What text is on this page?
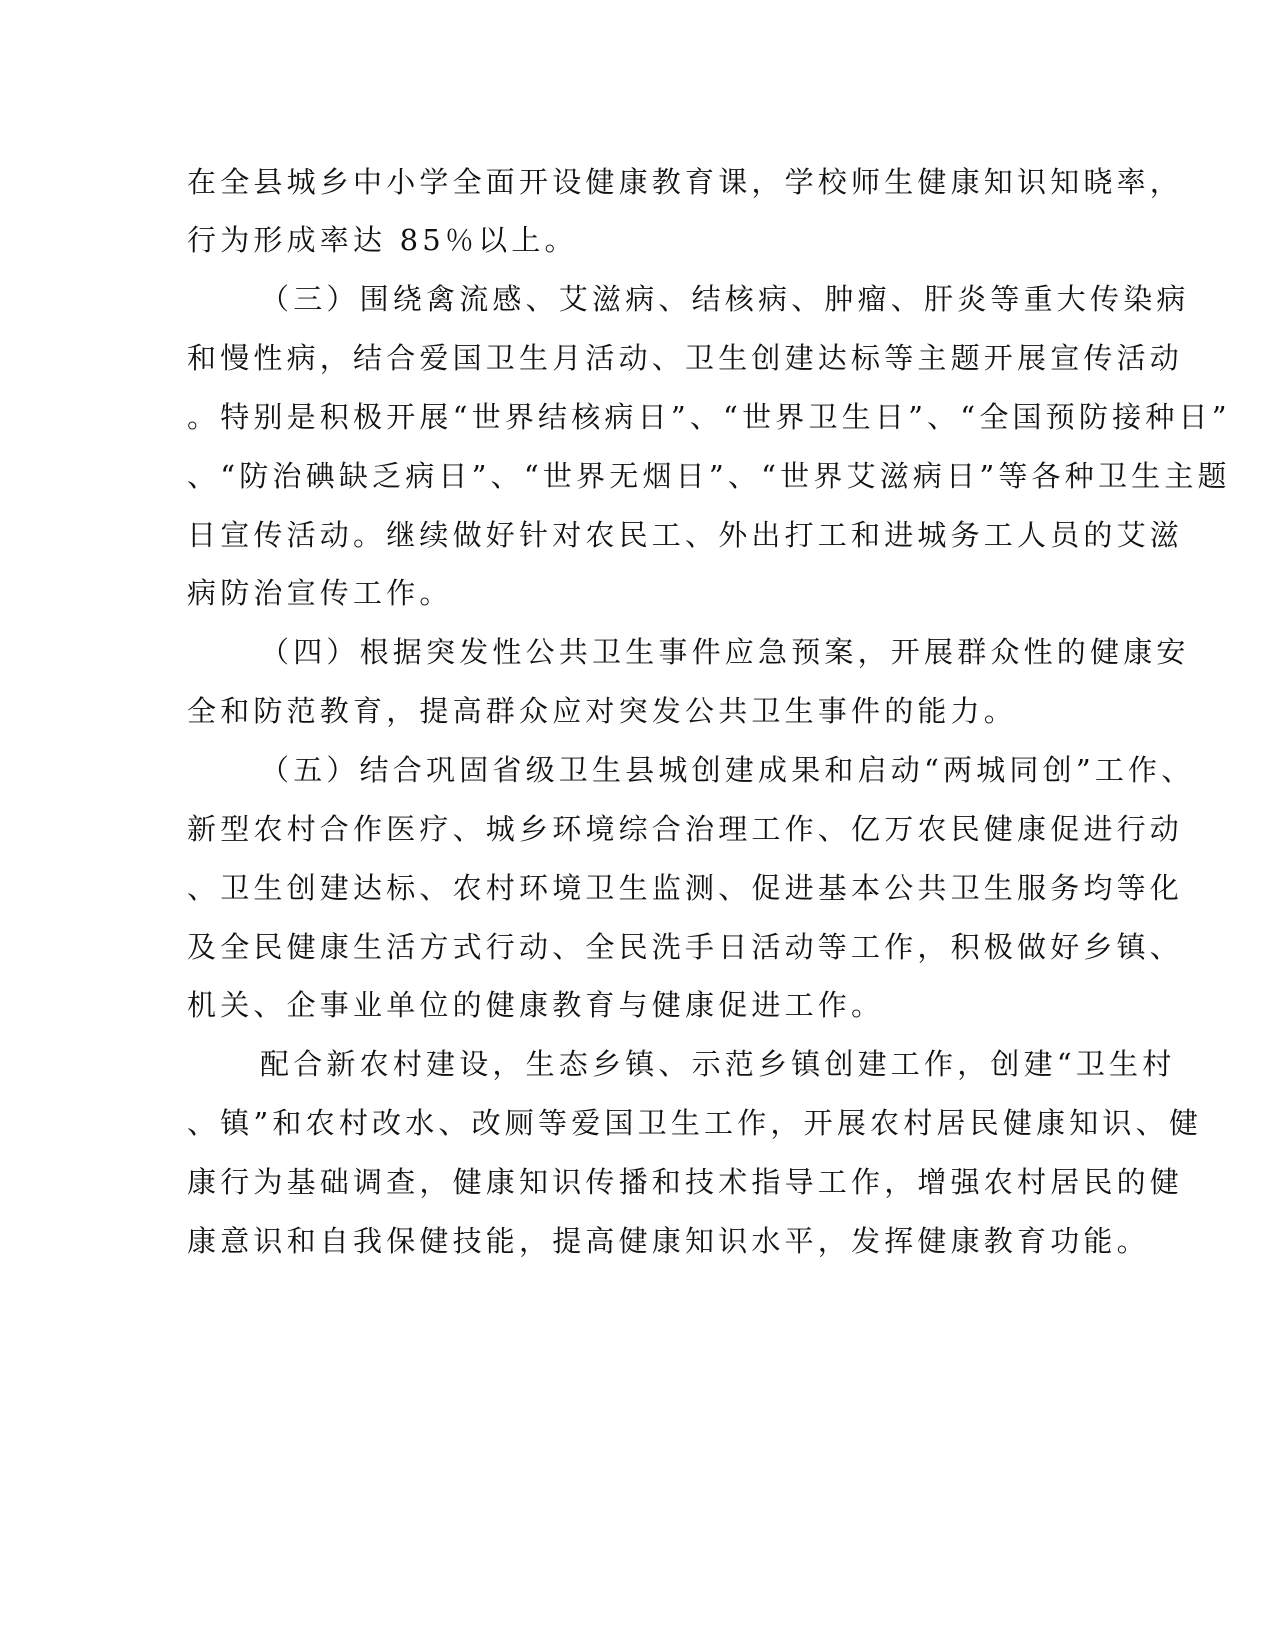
在全县城乡中小学全面开设健康教育课，学校师生健康知识知晓率，
行为形成率达 85％以上。
（三）围绕禽流感、艾滋病、结核病、肿瘤、肝炎等重大传染病
和慢性病，结合爱国卫生月活动、卫生创建达标等主题开展宣传活动
。特别是积极开展“世界结核病日”、“世界卫生日”、“全国预防接种日”
、“防治碘缺乏病日”、“世界无烟日”、“世界艾滋病日”等各种卫生主题
日宣传活动。继续做好针对农民工、外出打工和进城务工人员的艾滋
病防治宣传工作。
（四）根据突发性公共卫生事件应急预案，开展群众性的健康安
全和防范教育，提高群众应对突发公共卫生事件的能力。
（五）结合巩固省级卫生县城创建成果和启动“两城同创”工作、
新型农村合作医疗、城乡环境综合治理工作、亿万农民健康促进行动
、卫生创建达标、农村环境卫生监测、促进基本公共卫生服务均等化
及全民健康生活方式行动、全民洗手日活动等工作，积极做好乡镇、
机关、企事业单位的健康教育与健康促进工作。
配合新农村建设，生态乡镇、示范乡镇创建工作，创建“卫生村
、镇”和农村改水、改厕等爱国卫生工作，开展农村居民健康知识、健
康行为基础调查，健康知识传播和技术指导工作，增强农村居民的健
康意识和自我保健技能，提高健康知识水平，发挥健康教育功能。
